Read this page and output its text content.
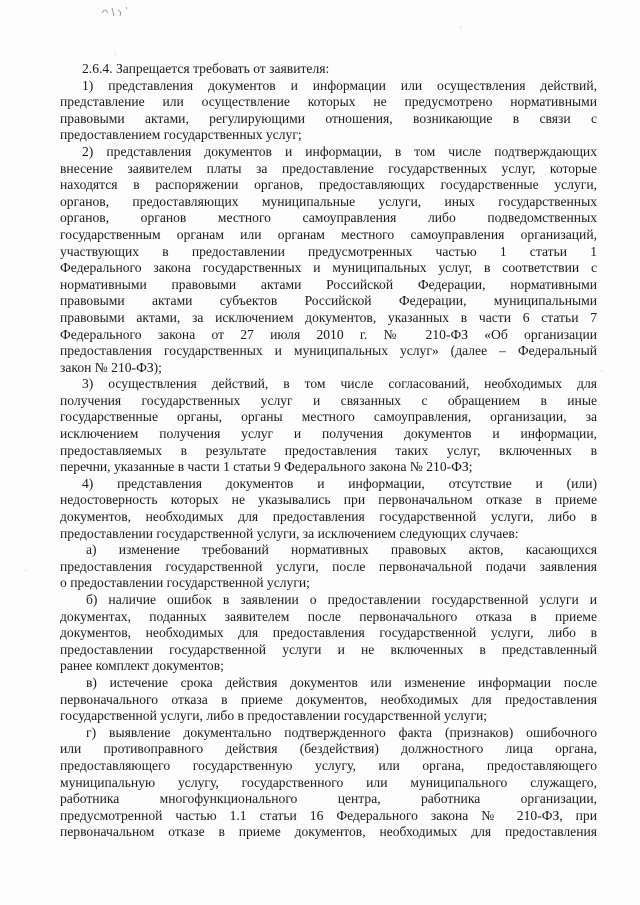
2.6.4. Запрещается требовать от заявителя:
1) представления документов и информации или осуществления действий,
представление или осуществление которых не предусмотрено нормативными
правовыми актами, регулирующими отношения, возникающие в связи с
предоставлением государственных услуг;
2) представления документов и информации, в том числе подтверждающих
внесение заявителем платы за предоставление государственных услуг, которые
находятся в распоряжении органов, предоставляющих государственные услуги,
органов, предоставляющих муниципальные услуги, иных государственных
органов, органов местного самоуправления либо подведомственных
государственным органам или органам местного самоуправления организаций,
участвующих в предоставлении предусмотренных частью 1 статьи 1
Федерального закона государственных и муниципальных услуг, в соответствии с
нормативными правовыми актами Российской Федерации, нормативными
правовыми актами субъектов Российской Федерации, муниципальными
правовыми актами, за исключением документов, указанных в части 6 статьи 7
Федерального закона от 27 июля 2010 г. № 210-ФЗ «Об организации
предоставления государственных и муниципальных услуг» (далее – Федеральный
закон № 210-ФЗ);
3) осуществления действий, в том числе согласований, необходимых для
получения государственных услуг и связанных с обращением в иные
государственные органы, органы местного самоуправления, организации, за
исключением получения услуг и получения документов и информации,
предоставляемых в результате предоставления таких услуг, включенных в
перечни, указанные в части 1 статьи 9 Федерального закона № 210-ФЗ;
4) представления документов и информации, отсутствие и (или)
недостоверность которых не указывались при первоначальном отказе в приеме
документов, необходимых для предоставления государственной услуги, либо в
предоставлении государственной услуги, за исключением следующих случаев:
а) изменение требований нормативных правовых актов, касающихся
предоставления государственной услуги, после первоначальной подачи заявления
о предоставлении государственной услуги;
б) наличие ошибок в заявлении о предоставлении государственной услуги и
документах, поданных заявителем после первоначального отказа в приеме
документов, необходимых для предоставления государственной услуги, либо в
предоставлении государственной услуги и не включенных в представленный
ранее комплект документов;
в) истечение срока действия документов или изменение информации после
первоначального отказа в приеме документов, необходимых для предоставления
государственной услуги, либо в предоставлении государственной услуги;
г) выявление документально подтвержденного факта (признаков) ошибочного
или противоправного действия (бездействия) должностного лица органа,
предоставляющего государственную услугу, или органа, предоставляющего
муниципальную услугу, государственного или муниципального служащего,
работника многофункционального центра, работника организации,
предусмотренной частью 1.1 статьи 16 Федерального закона № 210-ФЗ, при
первоначальном отказе в приеме документов, необходимых для предоставления
